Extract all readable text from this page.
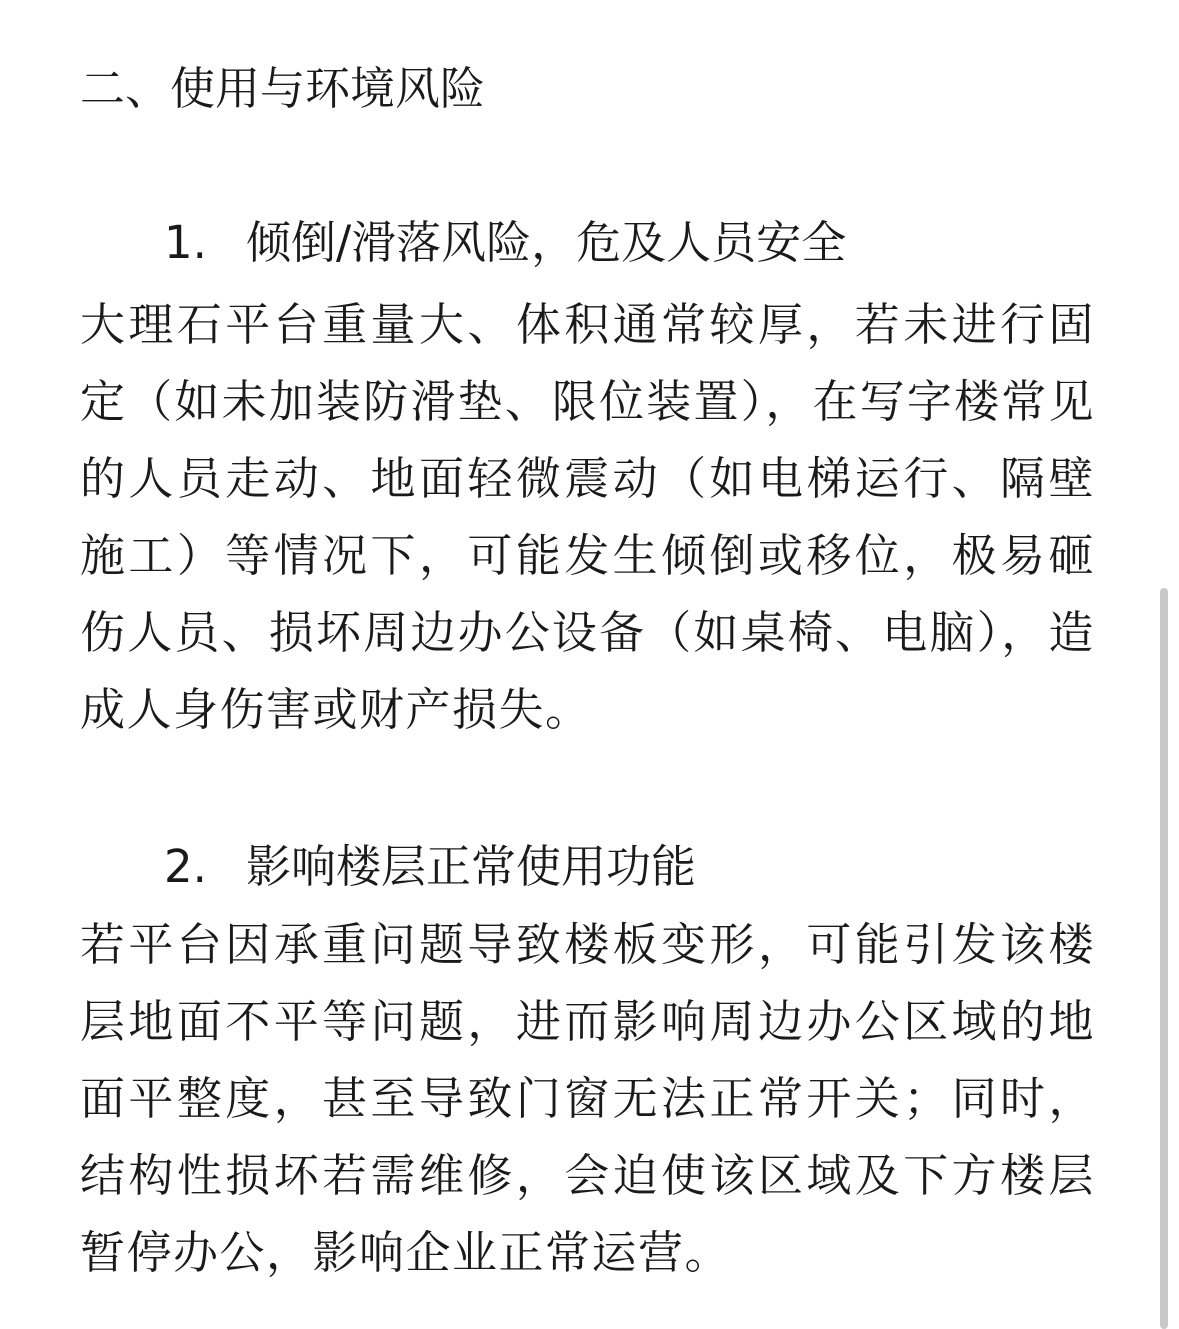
二、使用与环境风险
1. 倾倒/滑落风险，危及人员安全

大理石平台重量大、体积通常较厚，若未进行固定（如未加装防滑垫、限位装置），在写字楼常见的人员走动、地面轻微震动（如电梯运行、隔壁施工）等情况下，可能发生倾倒或移位，极易砸伤人员、损坏周边办公设备（如桌椅、电脑），造成人身伤害或财产损失。

2. 影响楼层正常使用功能

若平台因承重问题导致楼板变形，可能引发该楼层地面不平等问题，进而影响周边办公区域的地面平整度，甚至导致门窗无法正常开关；同时，结构性损坏若需维修，会迫使该区域及下方楼层暂停办公，影响企业正常运营。
